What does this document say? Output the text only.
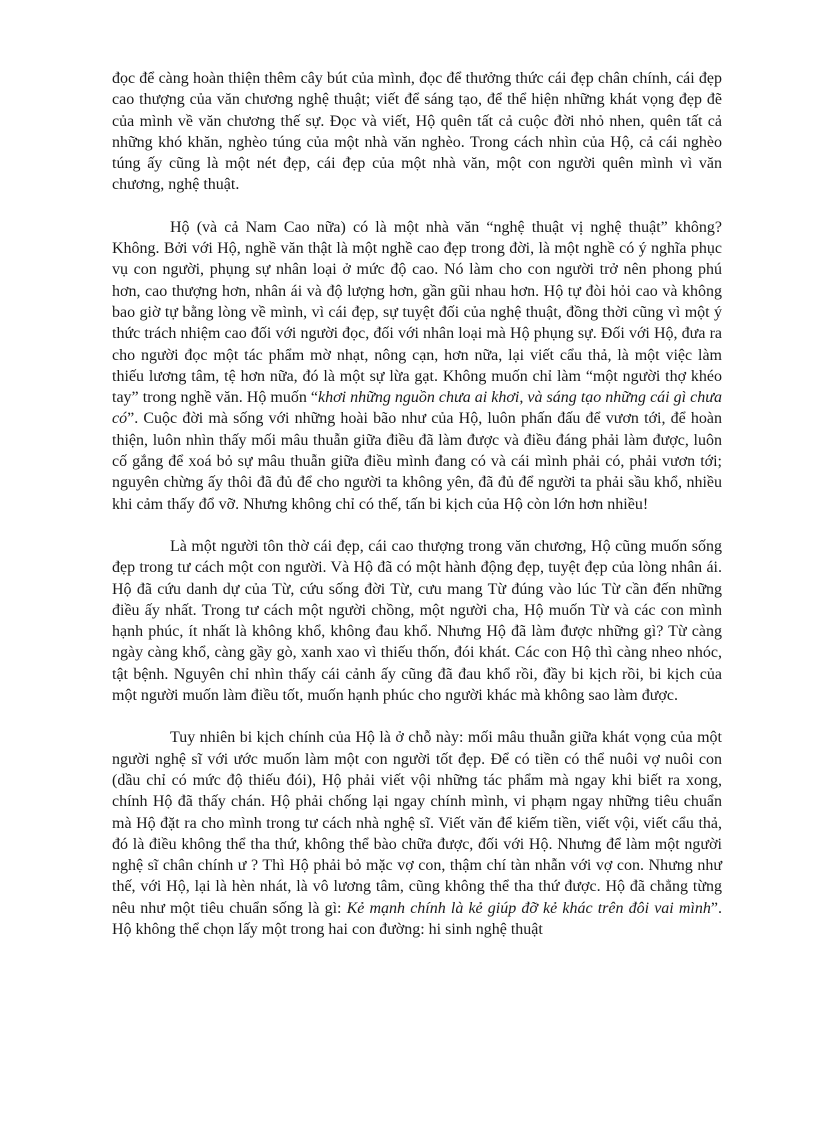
đọc để càng hoàn thiện thêm cây bút của mình, đọc để thưởng thức cái đẹp chân chính, cái đẹp cao thượng của văn chương nghệ thuật; viết để sáng tạo, để thể hiện những khát vọng đẹp đẽ của mình về văn chương thế sự. Đọc và viết, Hộ quên tất cả cuộc đời nhỏ nhen, quên tất cả những khó khăn, nghèo túng của một nhà văn nghèo. Trong cách nhìn của Hộ, cả cái nghèo túng ấy cũng là một nét đẹp, cái đẹp của một nhà văn, một con người quên mình vì văn chương, nghệ thuật.

Hộ (và cả Nam Cao nữa) có là một nhà văn “nghệ thuật vị nghệ thuật” không? Không. Bởi với Hộ, nghề văn thật là một nghề cao đẹp trong đời, là một nghề có ý nghĩa phục vụ con người, phụng sự nhân loại ở mức độ cao. Nó làm cho con người trở nên phong phú hơn, cao thượng hơn, nhân ái và độ lượng hơn, gần gũi nhau hơn. Hộ tự đòi hỏi cao và không bao giờ tự bằng lòng về mình, vì cái đẹp, sự tuyệt đối của nghệ thuật, đồng thời cũng vì một ý thức trách nhiệm cao đối với người đọc, đối với nhân loại mà Hộ phụng sự. Đối với Hộ, đưa ra cho người đọc một tác phẩm mờ nhạt, nông cạn, hơn nữa, lại viết cẩu thả, là một việc làm thiếu lương tâm, tệ hơn nữa, đó là một sự lừa gạt. Không muốn chỉ làm “một người thợ khéo tay” trong nghề văn. Hộ muốn “khơi những nguồn chưa ai khơi, và sáng tạo những cái gì chưa có”. Cuộc đời mà sống với những hoài bão như của Hộ, luôn phấn đấu để vươn tới, để hoàn thiện, luôn nhìn thấy mối mâu thuẫn giữa điều đã làm được và điều đáng phải làm được, luôn cố gắng để xoá bỏ sự mâu thuẫn giữa điều mình đang có và cái mình phải có, phải vươn tới; nguyên chừng ấy thôi đã đủ để cho người ta không yên, đã đủ để người ta phải sầu khổ, nhiều khi cảm thấy đổ vỡ. Nhưng không chỉ có thế, tấn bi kịch của Hộ còn lớn hơn nhiều!

Là một người tôn thờ cái đẹp, cái cao thượng trong văn chương, Hộ cũng muốn sống đẹp trong tư cách một con người. Và Hộ đã có một hành động đẹp, tuyệt đẹp của lòng nhân ái. Hộ đã cứu danh dự của Từ, cứu sống đời Từ, cưu mang Từ đúng vào lúc Từ cần đến những điều ấy nhất. Trong tư cách một người chồng, một người cha, Hộ muốn Từ và các con mình hạnh phúc, ít nhất là không khổ, không đau khổ. Nhưng Hộ đã làm được những gì? Từ càng ngày càng khổ, càng gầy gò, xanh xao vì thiếu thốn, đói khát. Các con Hộ thì càng nheo nhóc, tật bệnh. Nguyên chỉ nhìn thấy cái cảnh ấy cũng đã đau khổ rồi, đầy bi kịch rồi, bi kịch của một người muốn làm điều tốt, muốn hạnh phúc cho người khác mà không sao làm được.

Tuy nhiên bi kịch chính của Hộ là ở chỗ này: mối mâu thuẫn giữa khát vọng của một người nghệ sĩ với ước muốn làm một con người tốt đẹp. Để có tiền có thể nuôi vợ nuôi con (dầu chỉ có mức độ thiếu đói), Hộ phải viết vội những tác phẩm mà ngay khi biết ra xong, chính Hộ đã thấy chán. Hộ phải chống lại ngay chính mình, vi phạm ngay những tiêu chuẩn mà Hộ đặt ra cho mình trong tư cách nhà nghệ sĩ. Viết văn để kiếm tiền, viết vội, viết cẩu thả, đó là điều không thể tha thứ, không thể bào chữa được, đối với Hộ. Nhưng để làm một người nghệ sĩ chân chính ư ? Thì Hộ phải bỏ mặc vợ con, thậm chí tàn nhẫn với vợ con. Nhưng như thế, với Hộ, lại là hèn nhát, là vô lương tâm, cũng không thể tha thứ được. Hộ đã chẳng từng nêu như một tiêu chuẩn sống là gì: Kẻ mạnh chính là kẻ giúp đỡ kẻ khác trên đôi vai mình”. Hộ không thể chọn lấy một trong hai con đường: hi sinh nghệ thuật
